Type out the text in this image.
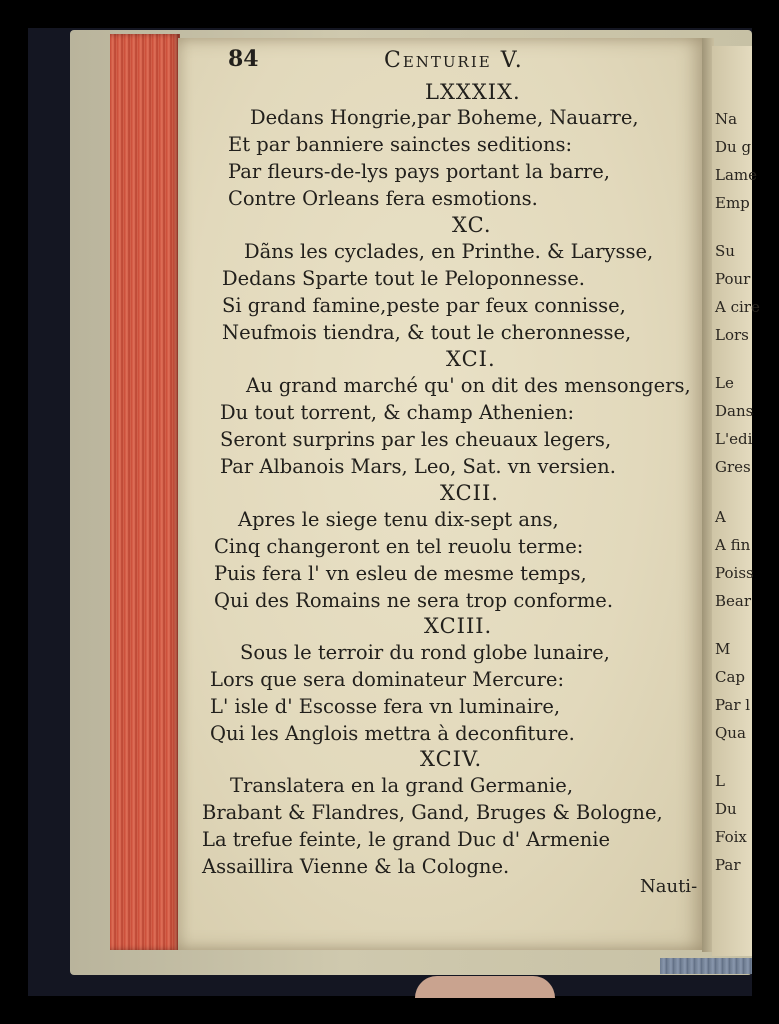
Na
Du g
Lame
Emp
Su
Pour
A cire
Lors
Le
Dans
L'edi
Gres
A
A fin
Poiss
Bear
M
Cap
Par l
Qua
L
Du
Foix
Par
84	Centurie V.
LXXXIX.
Dedans Hongrie,par Boheme, Nauarre,
Et par banniere sainctes seditions:
Par fleurs-de-lys pays portant la barre,
Contre Orleans fera esmotions.
XC.
Dãns les cyclades, en Printhe. & Larysse,
Dedans Sparte tout le Peloponnesse.
Si grand famine,peste par feux connisse,
Neufmois tiendra, & tout le cheronnesse,
XCI.
Au grand marché qu' on dit des mensongers,
Du tout torrent, & champ Athenien:
Seront surprins par les cheuaux legers,
Par Albanois Mars, Leo, Sat. vn versien.
XCII.
Apres le siege tenu dix-sept ans,
Cinq changeront en tel reuolu terme:
Puis fera l' vn esleu de mesme temps,
Qui des Romains ne sera trop conforme.
XCIII.
Sous le terroir du rond globe lunaire,
Lors que sera dominateur Mercure:
L' isle d' Escosse fera vn luminaire,
Qui les Anglois mettra à deconfiture.
XCIV.
Translatera en la grand Germanie,
Brabant & Flandres, Gand, Bruges & Bologne,
La trefue feinte, le grand Duc d' Armenie
Assaillira Vienne & la Cologne.
Nauti-
